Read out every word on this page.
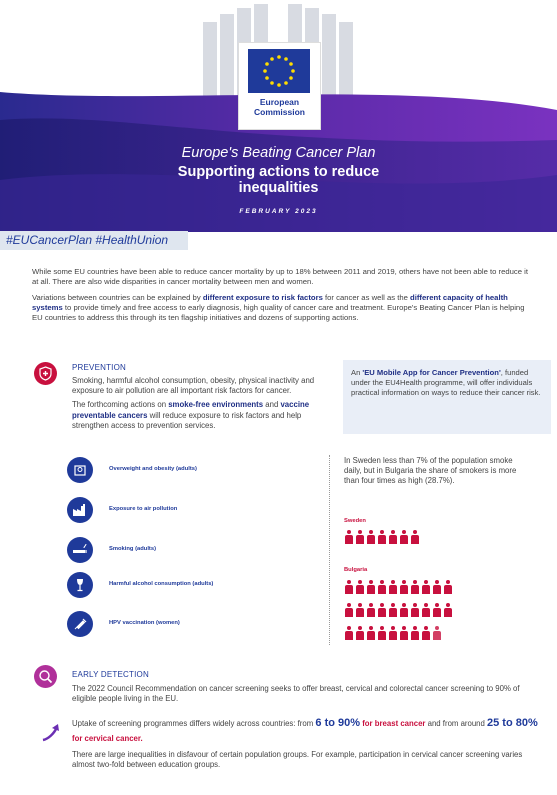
European
Commission
Europe's Beating Cancer Plan
Supporting actions to reduce
inequalities
FEBRUARY 2023
#EUCancerPlan #HealthUnion

While some EU countries have been able to reduce cancer mortality by up to 18% between 2011 and 2019, others have not been able to reduce it at all. There are also wide disparities in cancer mortality between men and women.

Variations between countries can be explained by different exposure to risk factors for cancer as well as the different capacity of health systems to provide timely and free access to early diagnosis, high quality of cancer care and treatment. Europe's Beating Cancer Plan is helping EU countries to address this through its ten flagship initiatives and dozens of supporting actions.

PREVENTION

Smoking, harmful alcohol consumption, obesity, physical inactivity and exposure to air pollution are all important risk factors for cancer.

The forthcoming actions on smoke-free environments and vaccine preventable cancers will reduce exposure to risk factors and help strengthen access to prevention services.

An 'EU Mobile App for Cancer Prevention', funded under the EU4Health programme, will offer individuals practical information on ways to reduce their cancer risk.
Overweight and obesity (adults)
Exposure to air pollution
Smoking (adults)
Harmful alcohol consumption (adults)
HPV vaccination (women)
In Sweden less than 7% of the population smoke daily, but in Bulgaria the share of smokers is more than four times as high (28.7%).
Sweden
Bulgaria
EARLY DETECTION

The 2022 Council Recommendation on cancer screening seeks to offer breast, cervical and colorectal cancer screening to 90% of eligible people living in the EU.

Uptake of screening programmes differs widely across countries: from 6 to 90% for breast cancer and from around 25 to 80% for cervical cancer.

There are large inequalities in disfavour of certain population groups. For example, participation in cervical cancer screening varies almost two-fold between education groups.
